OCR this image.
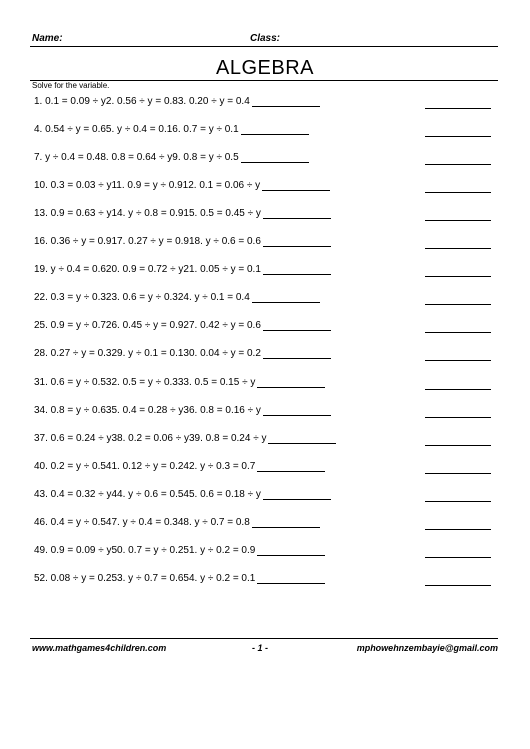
Name:	Class:
ALGEBRA
Solve for the variable.
1. 0.1 = 0.09 ÷ y2. 0.56 ÷ y = 0.83. 0.20 ÷ y = 0.4
4. 0.54 ÷ y = 0.65. y ÷ 0.4 = 0.16. 0.7 = y ÷ 0.1
7. y ÷ 0.4 = 0.48. 0.8 = 0.64 ÷ y9. 0.8 = y ÷ 0.5
10. 0.3 = 0.03 ÷ y11. 0.9 = y ÷ 0.912. 0.1 = 0.06 ÷ y
13. 0.9 = 0.63 ÷ y14. y ÷ 0.8 = 0.915. 0.5 = 0.45 ÷ y
16. 0.36 ÷ y = 0.917. 0.27 ÷ y = 0.918. y ÷ 0.6 = 0.6
19. y ÷ 0.4 = 0.620. 0.9 = 0.72 ÷ y21. 0.05 ÷ y = 0.1
22. 0.3 = y ÷ 0.323. 0.6 = y ÷ 0.324. y ÷ 0.1 = 0.4
25. 0.9 = y ÷ 0.726. 0.45 ÷ y = 0.927. 0.42 ÷ y = 0.6
28. 0.27 ÷ y = 0.329. y ÷ 0.1 = 0.130. 0.04 ÷ y = 0.2
31. 0.6 = y ÷ 0.532. 0.5 = y ÷ 0.333. 0.5 = 0.15 ÷ y
34. 0.8 = y ÷ 0.635. 0.4 = 0.28 ÷ y36. 0.8 = 0.16 ÷ y
37. 0.6 = 0.24 ÷ y38. 0.2 = 0.06 ÷ y39. 0.8 = 0.24 ÷ y
40. 0.2 = y ÷ 0.541. 0.12 ÷ y = 0.242. y ÷ 0.3 = 0.7
43. 0.4 = 0.32 ÷ y44. y ÷ 0.6 = 0.545. 0.6 = 0.18 ÷ y
46. 0.4 = y ÷ 0.547. y ÷ 0.4 = 0.348. y ÷ 0.7 = 0.8
49. 0.9 = 0.09 ÷ y50. 0.7 = y ÷ 0.251. y ÷ 0.2 = 0.9
52. 0.08 ÷ y = 0.253. y ÷ 0.7 = 0.654. y ÷ 0.2 = 0.1
www.mathgames4children.com	- 1 -	mphowehnzembayie@gmail.com
